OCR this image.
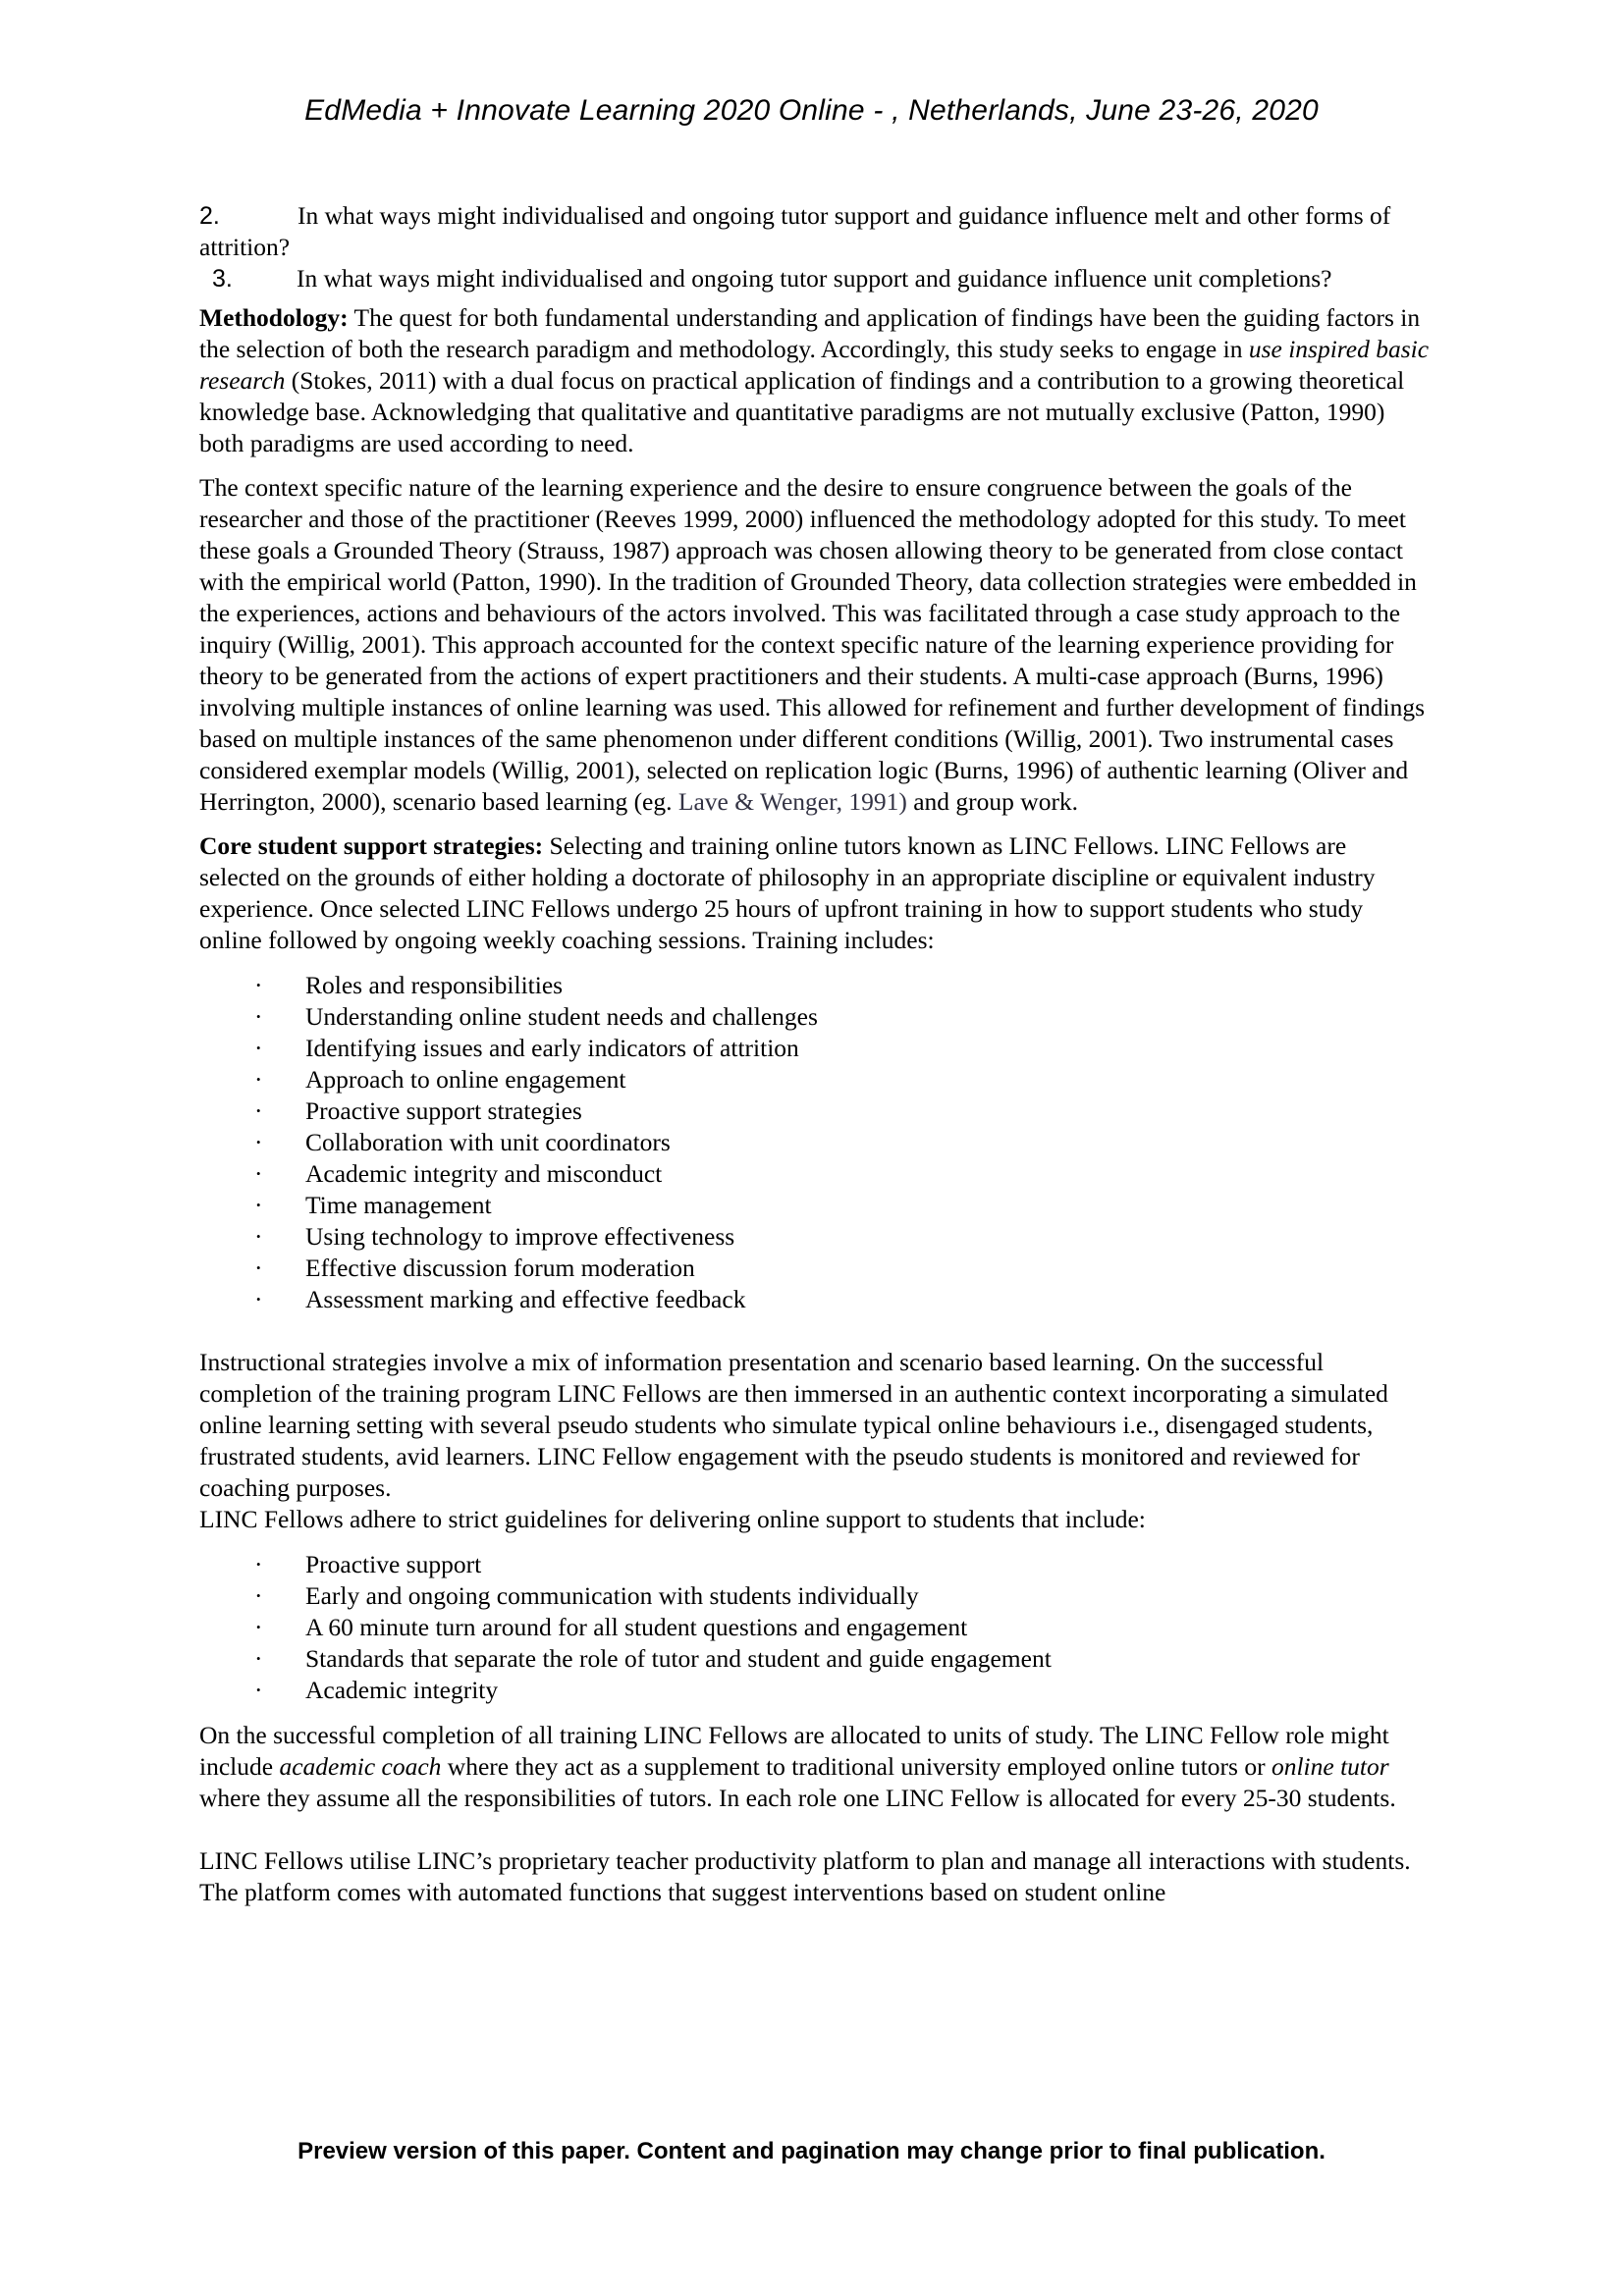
EdMedia + Innovate Learning 2020 Online - , Netherlands, June 23-26, 2020

2.	In what ways might individualised and ongoing tutor support and guidance influence melt and other forms of attrition?

3.	In what ways might individualised and ongoing tutor support and guidance influence unit completions?

Methodology: The quest for both fundamental understanding and application of findings have been the guiding factors in the selection of both the research paradigm and methodology. Accordingly, this study seeks to engage in use inspired basic research (Stokes, 2011) with a dual focus on practical application of findings and a contribution to a growing theoretical knowledge base. Acknowledging that qualitative and quantitative paradigms are not mutually exclusive (Patton, 1990) both paradigms are used according to need.

The context specific nature of the learning experience and the desire to ensure congruence between the goals of the researcher and those of the practitioner (Reeves 1999, 2000) influenced the methodology adopted for this study. To meet these goals a Grounded Theory (Strauss, 1987) approach was chosen allowing theory to be generated from close contact with the empirical world (Patton, 1990). In the tradition of Grounded Theory, data collection strategies were embedded in the experiences, actions and behaviours of the actors involved. This was facilitated through a case study approach to the inquiry (Willig, 2001). This approach accounted for the context specific nature of the learning experience providing for theory to be generated from the actions of expert practitioners and their students. A multi-case approach (Burns, 1996) involving multiple instances of online learning was used. This allowed for refinement and further development of findings based on multiple instances of the same phenomenon under different conditions (Willig, 2001). Two instrumental cases considered exemplar models (Willig, 2001), selected on replication logic (Burns, 1996) of authentic learning (Oliver and Herrington, 2000), scenario based learning (eg. Lave & Wenger, 1991) and group work.

Core student support strategies: Selecting and training online tutors known as LINC Fellows. LINC Fellows are selected on the grounds of either holding a doctorate of philosophy in an appropriate discipline or equivalent industry experience. Once selected LINC Fellows undergo 25 hours of upfront training in how to support students who study online followed by ongoing weekly coaching sessions. Training includes:

· Roles and responsibilities
· Understanding online student needs and challenges
· Identifying issues and early indicators of attrition
· Approach to online engagement
· Proactive support strategies
· Collaboration with unit coordinators
· Academic integrity and misconduct
· Time management
· Using technology to improve effectiveness
· Effective discussion forum moderation
· Assessment marking and effective feedback

Instructional strategies involve a mix of information presentation and scenario based learning. On the successful completion of the training program LINC Fellows are then immersed in an authentic context incorporating a simulated online learning setting with several pseudo students who simulate typical online behaviours i.e., disengaged students, frustrated students, avid learners. LINC Fellow engagement with the pseudo students is monitored and reviewed for coaching purposes.

LINC Fellows adhere to strict guidelines for delivering online support to students that include:

· Proactive support
· Early and ongoing communication with students individually
· A 60 minute turn around for all student questions and engagement
· Standards that separate the role of tutor and student and guide engagement
· Academic integrity

On the successful completion of all training LINC Fellows are allocated to units of study. The LINC Fellow role might include academic coach where they act as a supplement to traditional university employed online tutors or online tutor where they assume all the responsibilities of tutors. In each role one LINC Fellow is allocated for every 25-30 students.

LINC Fellows utilise LINC’s proprietary teacher productivity platform to plan and manage all interactions with students. The platform comes with automated functions that suggest interventions based on student online

Preview version of this paper. Content and pagination may change prior to final publication.
